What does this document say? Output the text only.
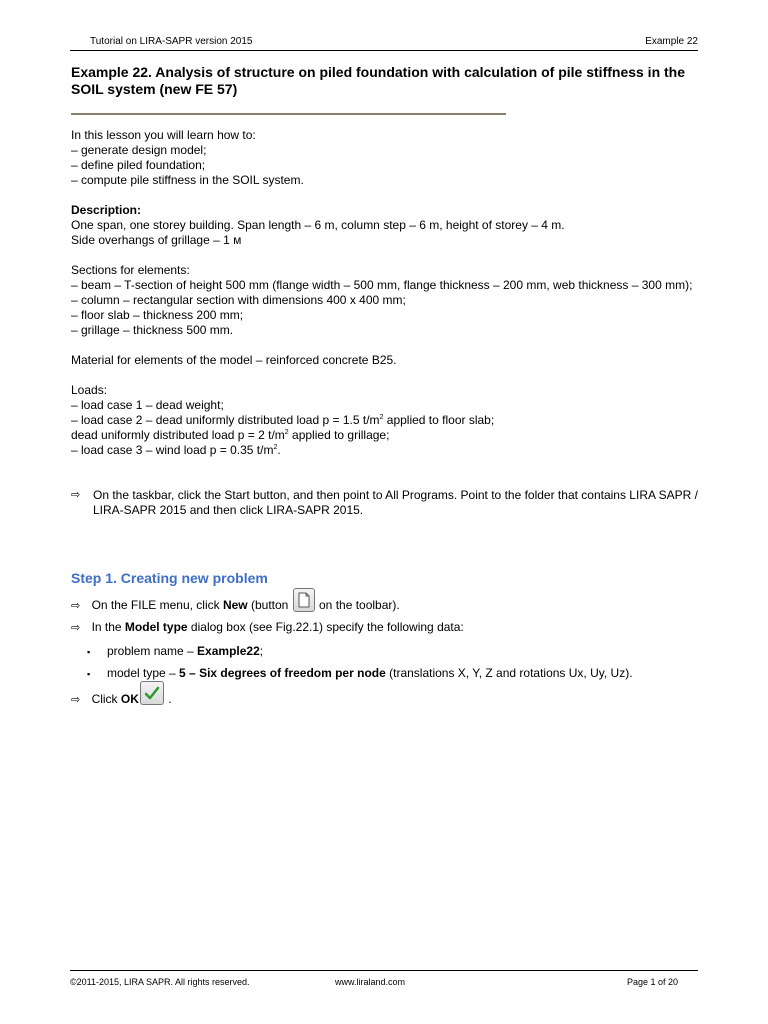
Tutorial on LIRA-SAPR version 2015	Example 22
Example 22. Analysis of structure on piled foundation with calculation of pile stiffness in the SOIL system (new FE 57)

In this lesson you will learn how to:

– generate design model;

– define piled foundation;

– compute pile stiffness in the SOIL system.

Description:

One span, one storey building. Span length – 6 m, column step – 6 m, height of storey – 4 m.

Side overhangs of grillage – 1 м

Sections for elements:

– beam – T-section of height 500 mm (flange width – 500 mm, flange thickness – 200 mm, web thickness – 300 mm);

– column – rectangular section with dimensions 400 x 400 mm;

– floor slab – thickness 200 mm;

– grillage – thickness 500 mm.

Material for elements of the model – reinforced concrete B25.

Loads:

– load case 1 – dead weight;

– load case 2 – dead uniformly distributed load p = 1.5 $t/m^2$ applied to floor slab;

dead uniformly distributed load p = 2 $t/m^2$ applied to grillage;

– load case 3 – wind load p = 0.35 $t/m^2$.

⇨ On the taskbar, click the Start button, and then point to All Programs. Point to the folder that contains LIRA SAPR / LIRA-SAPR 2015 and then click LIRA-SAPR 2015.
Step 1. Creating new problem
⇨ On the FILE menu, click New (button
on the toolbar).
⇨ In the Model type dialog box (see Fig.22.1) specify the following data:
▪ problem name – Example22;
▪ model type – 5 – Six degrees of freedom per node (translations X, Y, Z and rotations Ux, Uy, Uz).
⇨ Click OK
.
©2011-2015, LIRA SAPR. All rights reserved.	www.liraland.com	Page 1 of 20
